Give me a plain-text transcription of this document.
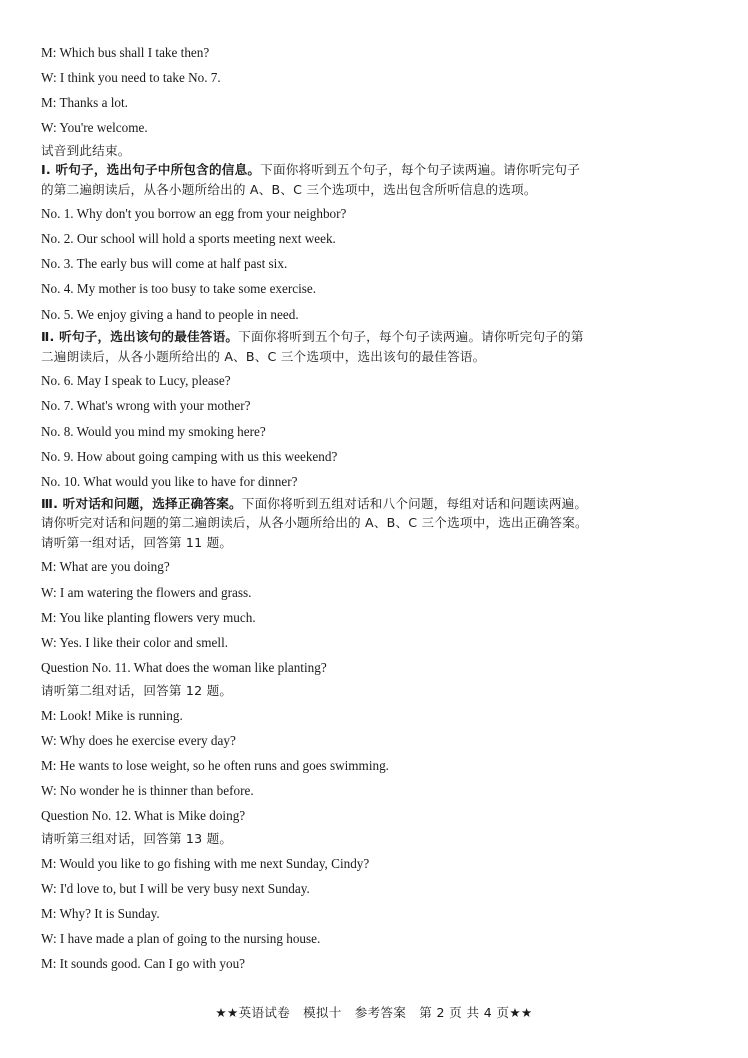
M: Which bus shall I take then?
W: I think you need to take No. 7.
M: Thanks a lot.
W: You're welcome.
试音到此结束。
Ⅰ. 听句子，选出句子中所包含的信息。下面你将听到五个句子，每个句子读两遍。请你听完句子
的第二遍朗读后，从各小题所给出的 A、B、C 三个选项中，选出包含所听信息的选项。
No. 1. Why don't you borrow an egg from your neighbor?
No. 2. Our school will hold a sports meeting next week.
No. 3. The early bus will come at half past six.
No. 4. My mother is too busy to take some exercise.
No. 5. We enjoy giving a hand to people in need.
Ⅱ. 听句子，选出该句的最佳答语。下面你将听到五个句子，每个句子读两遍。请你听完句子的第
二遍朗读后，从各小题所给出的 A、B、C 三个选项中，选出该句的最佳答语。
No. 6. May I speak to Lucy, please?
No. 7. What's wrong with your mother?
No. 8. Would you mind my smoking here?
No. 9. How about going camping with us this weekend?
No. 10. What would you like to have for dinner?
Ⅲ. 听对话和问题，选择正确答案。下面你将听到五组对话和八个问题，每组对话和问题读两遍。
请你听完对话和问题的第二遍朗读后，从各小题所给出的 A、B、C 三个选项中，选出正确答案。
请听第一组对话，回答第 11 题。
M: What are you doing?
W: I am watering the flowers and grass.
M: You like planting flowers very much.
W: Yes. I like their color and smell.
Question No. 11. What does the woman like planting?
请听第二组对话，回答第 12 题。
M: Look! Mike is running.
W: Why does he exercise every day?
M: He wants to lose weight, so he often runs and goes swimming.
W: No wonder he is thinner than before.
Question No. 12. What is Mike doing?
请听第三组对话，回答第 13 题。
M: Would you like to go fishing with me next Sunday, Cindy?
W: I'd love to, but I will be very busy next Sunday.
M: Why? It is Sunday.
W: I have made a plan of going to the nursing house.
M: It sounds good. Can I go with you?
★★英语试卷　模拟十　参考答案　第 2 页 共 4 页★★
